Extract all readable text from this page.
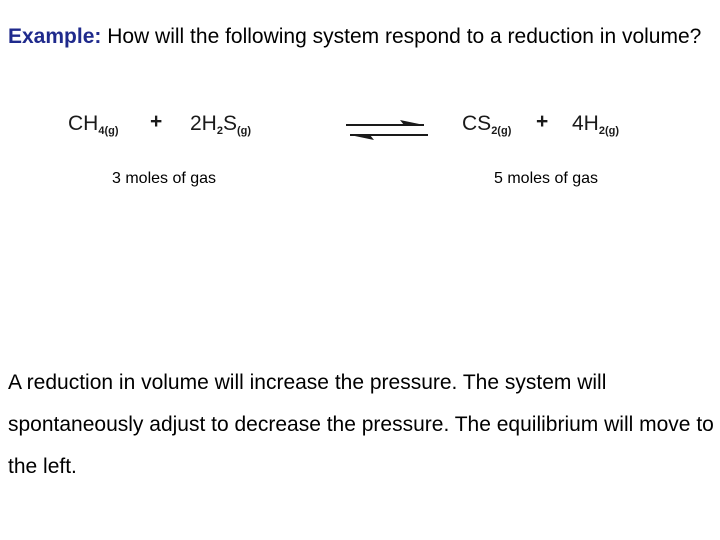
Example: How will the following system respond to a reduction in volume?

$CH_{4(g)} + 2H_2S_{(g)}$	$CS_{2(g)} + 4H_{2(g)}$
3 moles of gas	5 moles of gas

A reduction in volume will increase the pressure. The system will spontaneously adjust to decrease the pressure. The equilibrium will move to the left.
